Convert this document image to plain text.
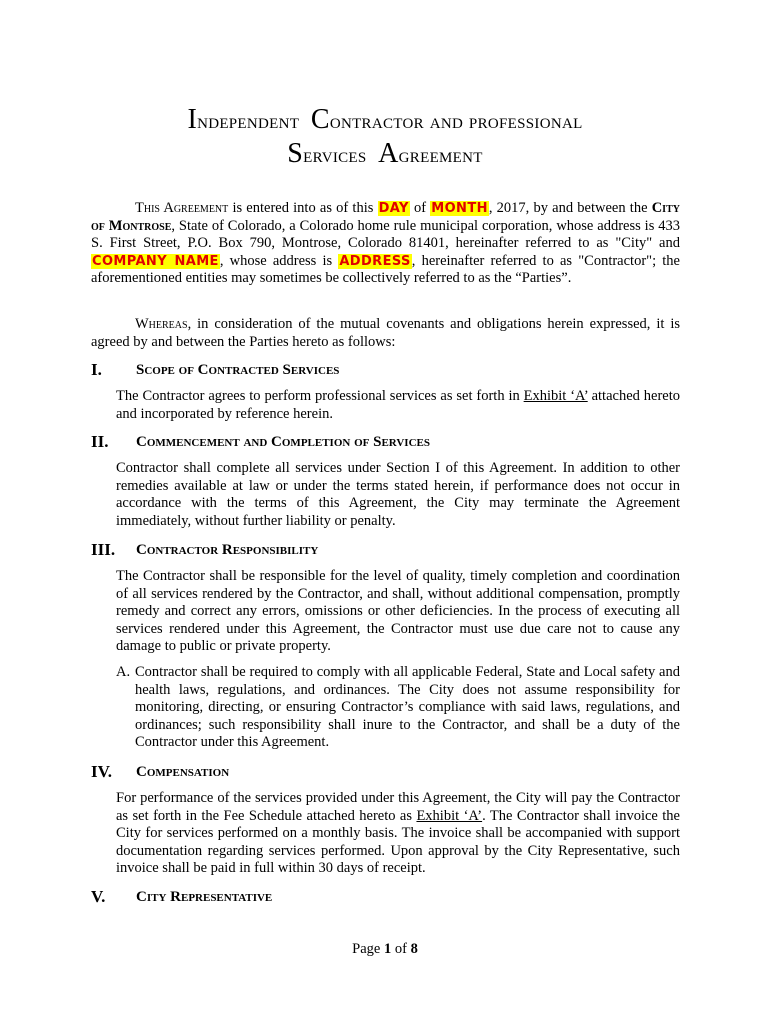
Independent Contractor and professional
Services Agreement
This Agreement is entered into as of this DAY of MONTH, 2017, by and between the City of Montrose, State of Colorado, a Colorado home rule municipal corporation, whose address is 433 S. First Street, P.O. Box 790, Montrose, Colorado 81401, hereinafter referred to as "City" and COMPANY NAME, whose address is ADDRESS, hereinafter referred to as "Contractor"; the aforementioned entities may sometimes be collectively referred to as the “Parties”.
Whereas, in consideration of the mutual covenants and obligations herein expressed, it is agreed by and between the Parties hereto as follows:
I. Scope of Contracted Services
The Contractor agrees to perform professional services as set forth in Exhibit ‘A’ attached hereto and incorporated by reference herein.
II. Commencement and Completion of Services
Contractor shall complete all services under Section I of this Agreement. In addition to other remedies available at law or under the terms stated herein, if performance does not occur in accordance with the terms of this Agreement, the City may terminate the Agreement immediately, without further liability or penalty.
III. Contractor Responsibility
The Contractor shall be responsible for the level of quality, timely completion and coordination of all services rendered by the Contractor, and shall, without additional compensation, promptly remedy and correct any errors, omissions or other deficiencies. In the process of executing all services rendered under this Agreement, the Contractor must use due care not to cause any damage to public or private property.
A. Contractor shall be required to comply with all applicable Federal, State and Local safety and health laws, regulations, and ordinances. The City does not assume responsibility for monitoring, directing, or ensuring Contractor’s compliance with said laws, regulations, and ordinances; such responsibility shall inure to the Contractor, and shall be a duty of the Contractor under this Agreement.
IV. Compensation
For performance of the services provided under this Agreement, the City will pay the Contractor as set forth in the Fee Schedule attached hereto as Exhibit ‘A’. The Contractor shall invoice the City for services performed on a monthly basis. The invoice shall be accompanied with support documentation regarding services performed. Upon approval by the City Representative, such invoice shall be paid in full within 30 days of receipt.
V. City Representative
Page 1 of 8
